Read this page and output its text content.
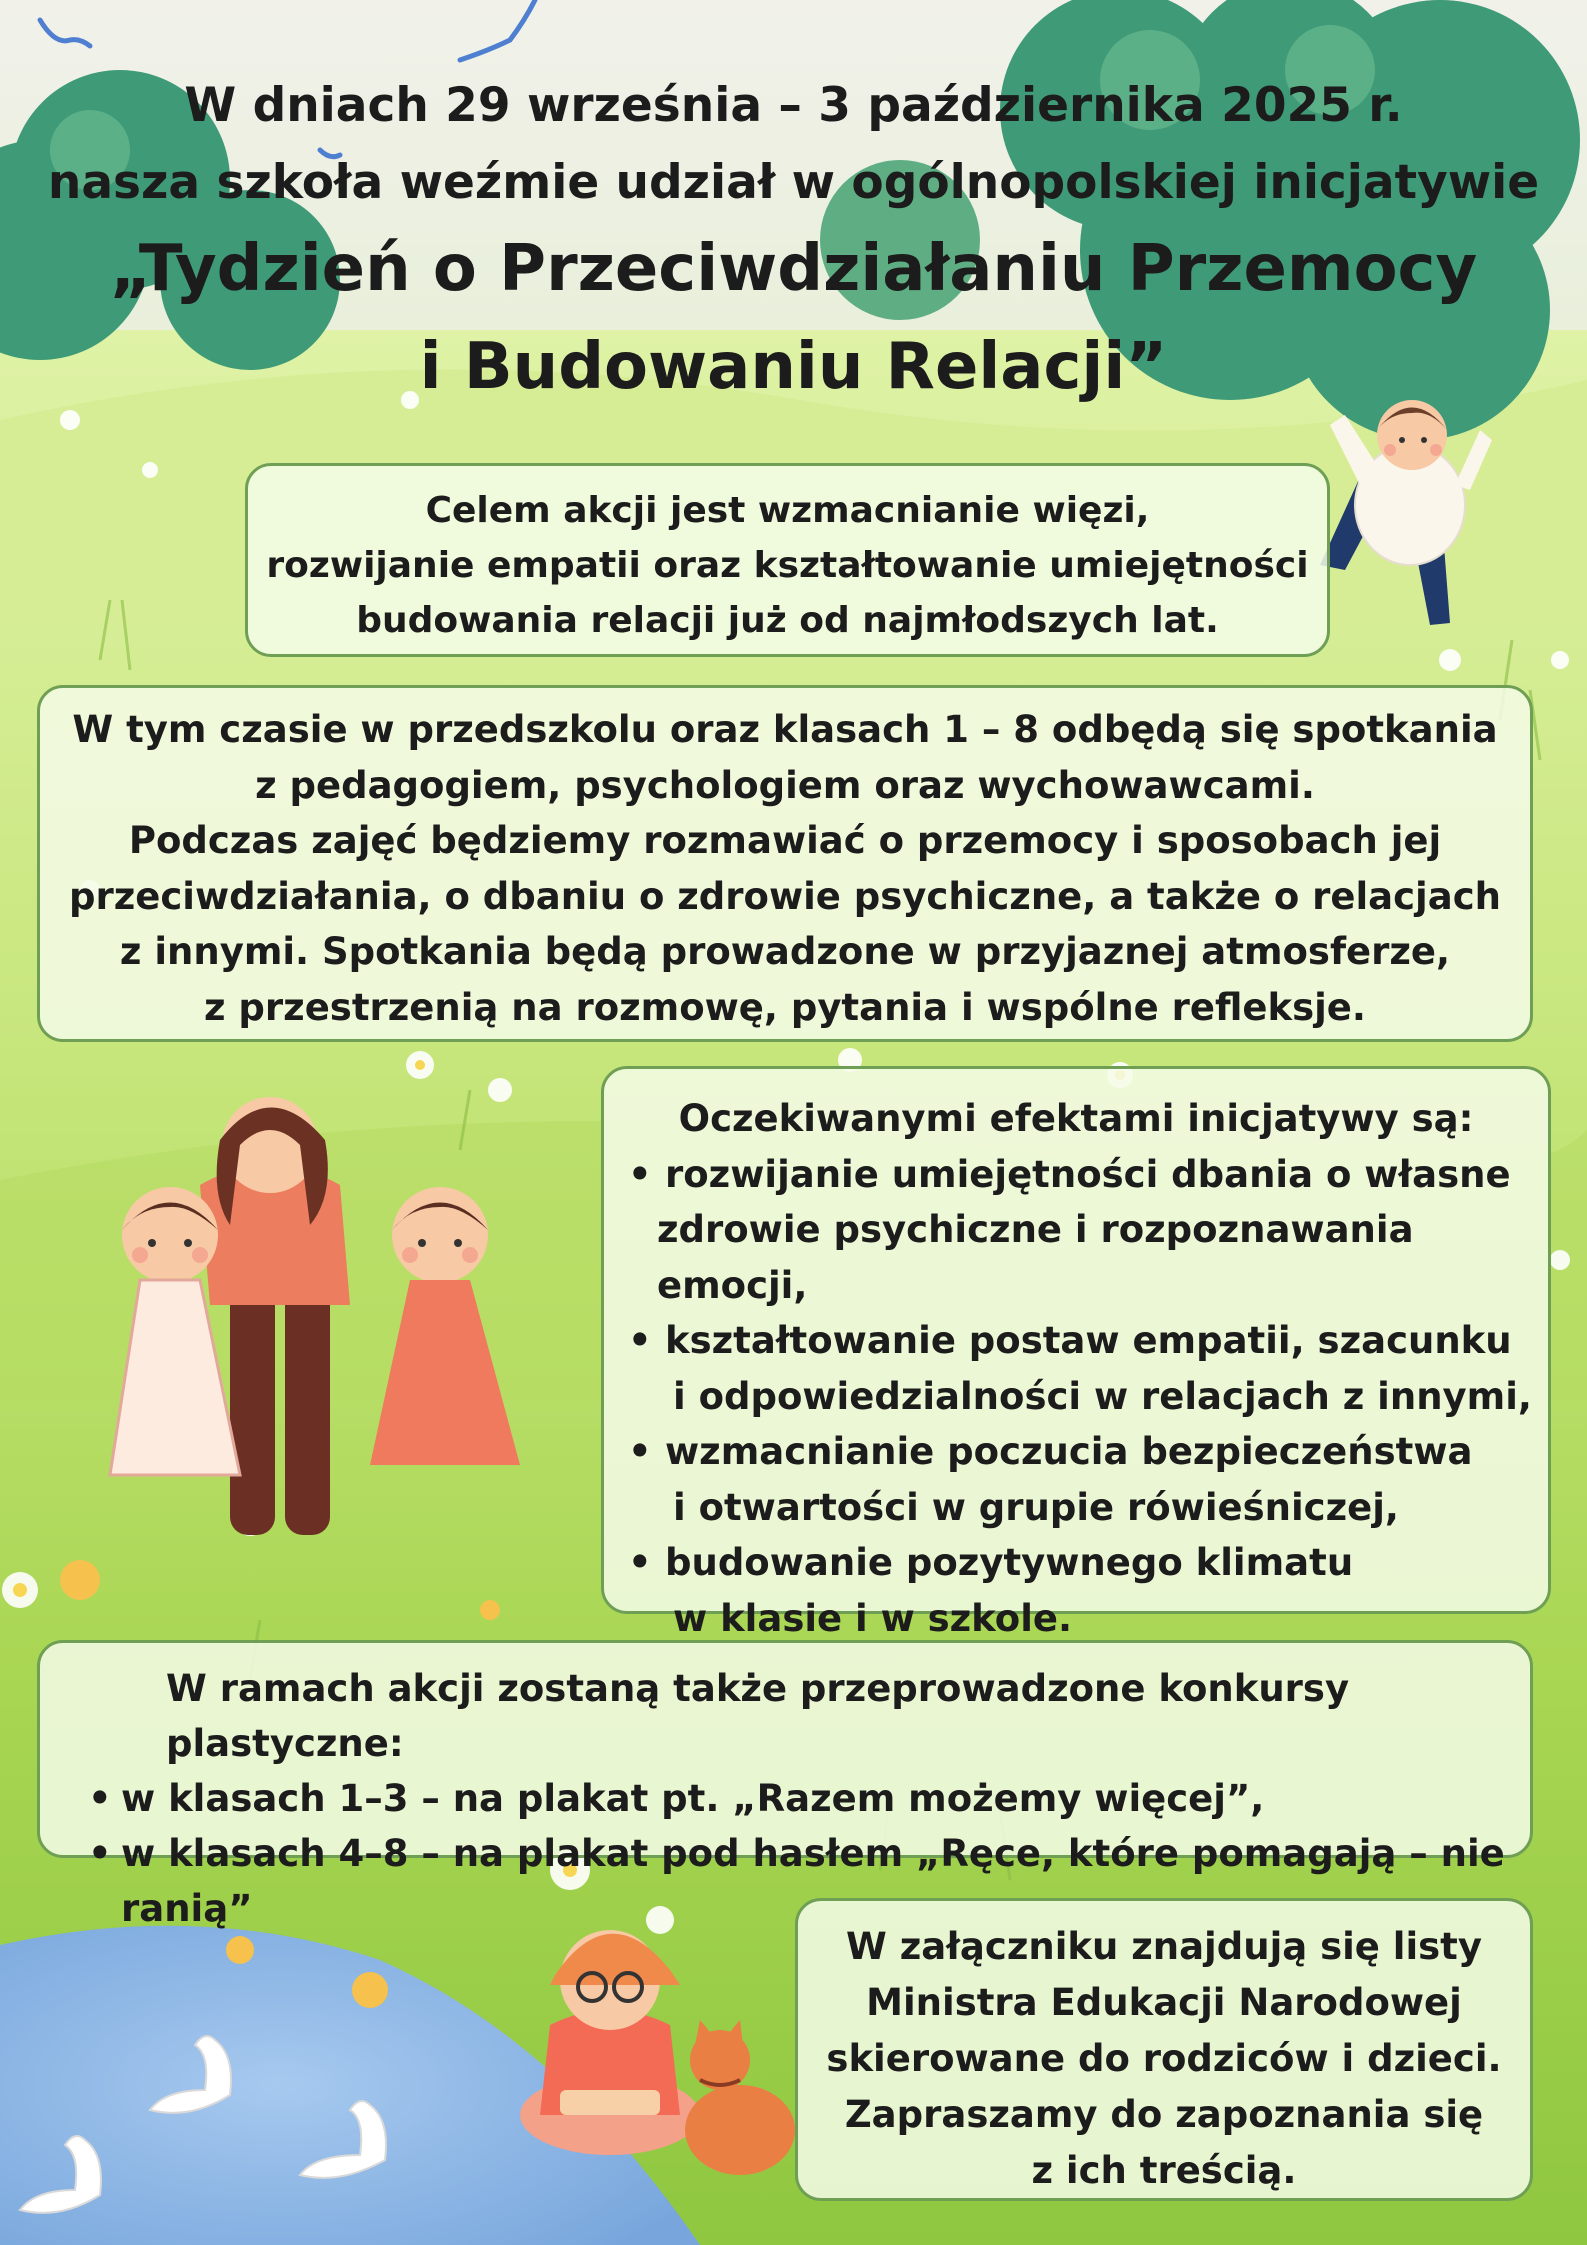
W dniach 29 września – 3 października 2025 r.

nasza szkoła weźmie udział w ogólnopolskiej inicjatywie

„Tydzień o Przeciwdziałaniu Przemocy

i Budowaniu Relacji”

Celem akcji jest wzmacnianie więzi,

rozwijanie empatii oraz kształtowanie umiejętności

budowania relacji już od najmłodszych lat.

W tym czasie w przedszkolu oraz klasach 1 – 8 odbędą się spotkania

z pedagogiem, psychologiem oraz wychowawcami.

Podczas zajęć będziemy rozmawiać o przemocy i sposobach jej

przeciwdziałania, o dbaniu o zdrowie psychiczne, a także o relacjach

z innymi. Spotkania będą prowadzone w przyjaznej atmosferze,

z przestrzenią na rozmowę, pytania i wspólne refleksje.

Oczekiwanymi efektami inicjatywy są:

• rozwijanie umiejętności dbania o własne
zdrowie psychiczne i rozpoznawania emocji,
• kształtowanie postaw empatii, szacunku
i odpowiedzialności w relacjach z innymi,
• wzmacnianie poczucia bezpieczeństwa
i otwartości w grupie rówieśniczej,
• budowanie pozytywnego klimatu
w klasie i w szkole.

W ramach akcji zostaną także przeprowadzone konkursy plastyczne:

• w klasach 1–3 – na plakat pt. „Razem możemy więcej”,
• w klasach 4–8 – na plakat pod hasłem „Ręce, które pomagają – nie ranią”

W załączniku znajdują się listy

Ministra Edukacji Narodowej

skierowane do rodziców i dzieci.

Zapraszamy do zapoznania się

z ich treścią.
